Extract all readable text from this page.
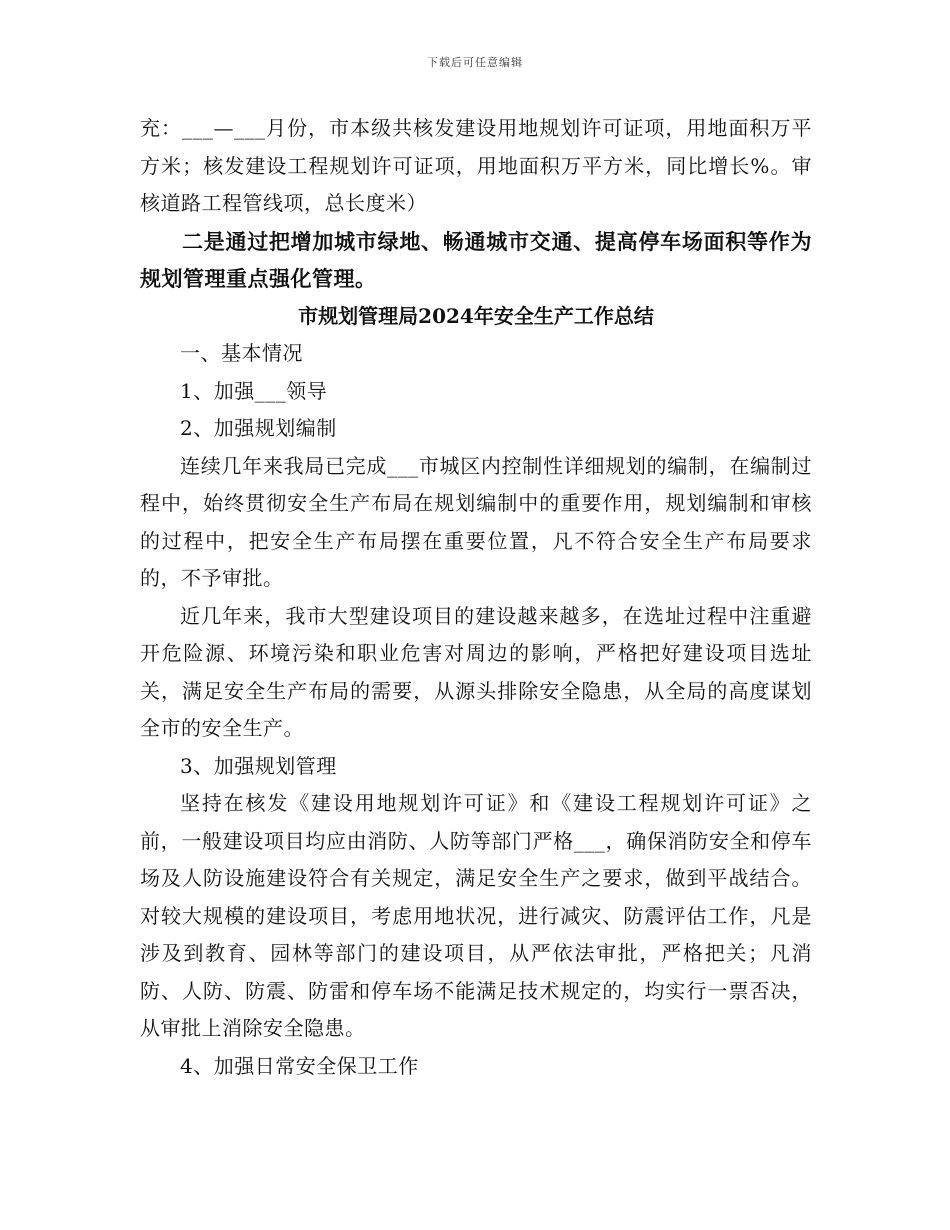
下载后可任意编辑

充：___—___月份，市本级共核发建设用地规划许可证项，用地面积万平方米；核发建设工程规划许可证项，用地面积万平方米，同比增长%。审核道路工程管线项，总长度米）

二是通过把增加城市绿地、畅通城市交通、提高停车场面积等作为规划管理重点强化管理。

市规划管理局2024年安全生产工作总结

一、基本情况

1、加强___领导

2、加强规划编制

连续几年来我局已完成___市城区内控制性详细规划的编制，在编制过程中，始终贯彻安全生产布局在规划编制中的重要作用，规划编制和审核的过程中，把安全生产布局摆在重要位置，凡不符合安全生产布局要求的，不予审批。

近几年来，我市大型建设项目的建设越来越多，在选址过程中注重避开危险源、环境污染和职业危害对周边的影响，严格把好建设项目选址关，满足安全生产布局的需要，从源头排除安全隐患，从全局的高度谋划全市的安全生产。

3、加强规划管理

坚持在核发《建设用地规划许可证》和《建设工程规划许可证》之前，一般建设项目均应由消防、人防等部门严格___，确保消防安全和停车场及人防设施建设符合有关规定，满足安全生产之要求，做到平战结合。对较大规模的建设项目，考虑用地状况，进行减灾、防震评估工作，凡是涉及到教育、园林等部门的建设项目，从严依法审批，严格把关；凡消防、人防、防震、防雷和停车场不能满足技术规定的，均实行一票否决，从审批上消除安全隐患。

4、加强日常安全保卫工作
